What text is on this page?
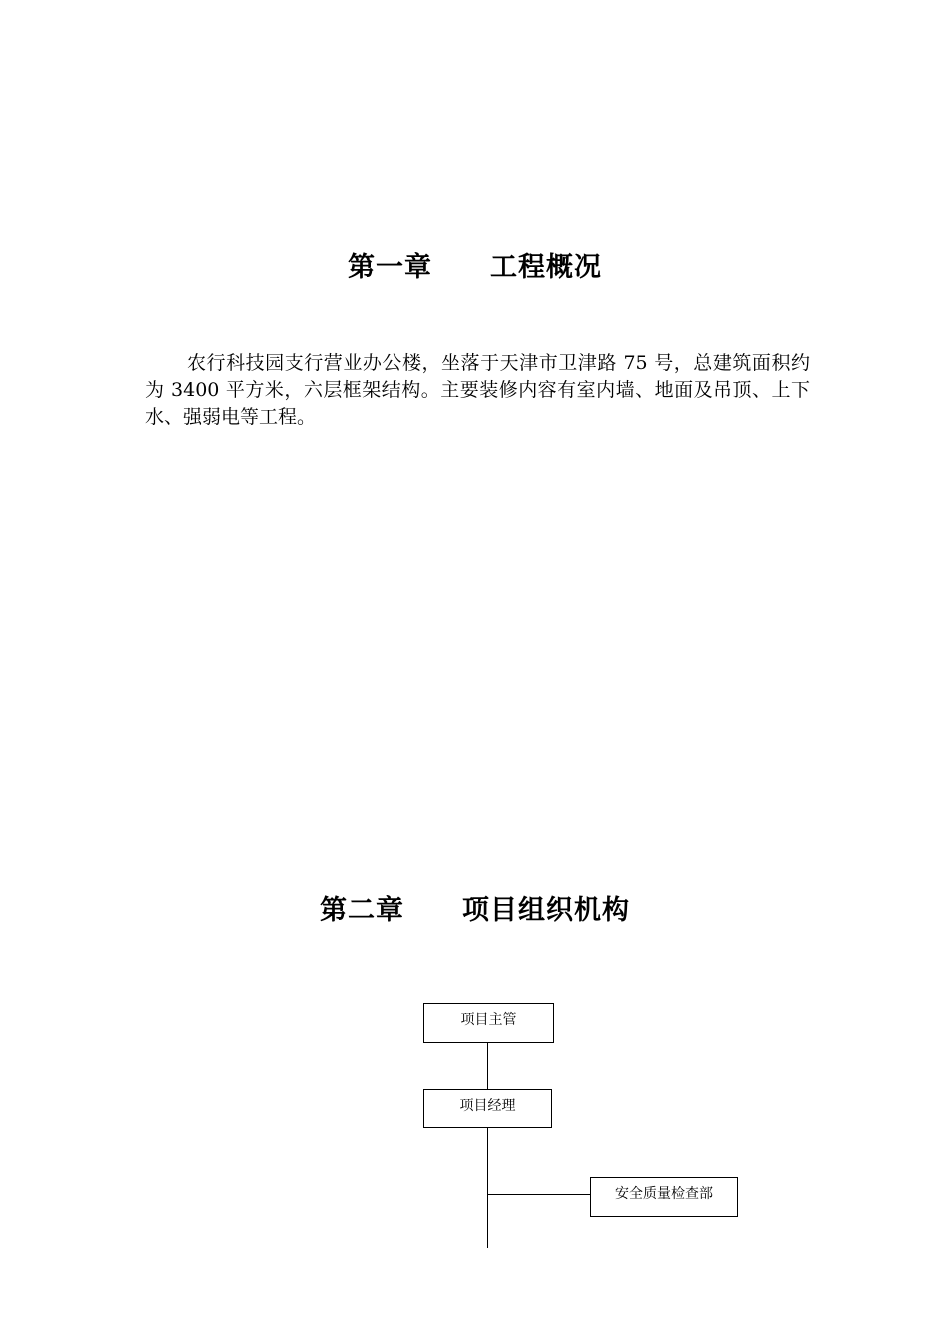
第一章 工程概况

农行科技园支行营业办公楼，坐落于天津市卫津路 75 号，总建筑面积约为 3400 平方米，六层框架结构。主要装修内容有室内墙、地面及吊顶、上下水、强弱电等工程。

第二章 项目组织机构
项目主管
项目经理
安全质量检查部
